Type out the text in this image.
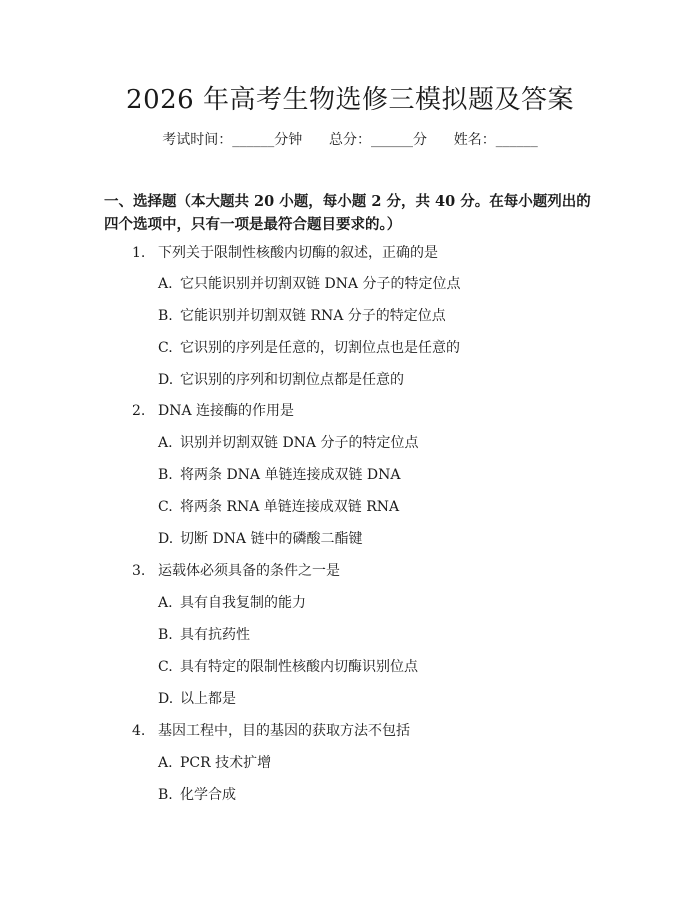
2026 年高考生物选修三模拟题及答案
考试时间：______分钟      总分：______分      姓名：______
一、选择题（本大题共 20 小题，每小题 2 分，共 40 分。在每小题列出的四个选项中，只有一项是最符合题目要求的。）
1. 下列关于限制性核酸内切酶的叙述，正确的是
A. 它只能识别并切割双链 DNA 分子的特定位点
B. 它能识别并切割双链 RNA 分子的特定位点
C. 它识别的序列是任意的，切割位点也是任意的
D. 它识别的序列和切割位点都是任意的
2. DNA 连接酶的作用是
A. 识别并切割双链 DNA 分子的特定位点
B. 将两条 DNA 单链连接成双链 DNA
C. 将两条 RNA 单链连接成双链 RNA
D. 切断 DNA 链中的磷酸二酯键
3. 运载体必须具备的条件之一是
A. 具有自我复制的能力
B. 具有抗药性
C. 具有特定的限制性核酸内切酶识别位点
D. 以上都是
4. 基因工程中，目的基因的获取方法不包括
A. PCR 技术扩增
B. 化学合成
